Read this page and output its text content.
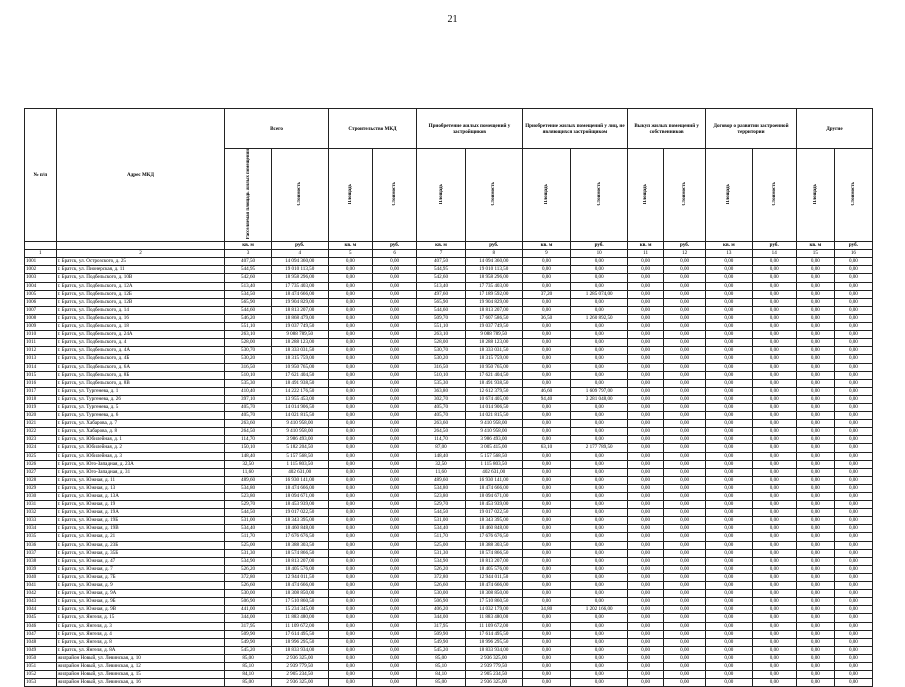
21
№ п/п	Адрес МКД	Всего		Строительство МКД		Приобретение жилых помещений у застройщиков		Приобретение жилых помещений у лиц, не являющихся застройщиком		Выкуп жилых помещений у собственников		Договор о развитии застроенной территории		Другие	
		Расселяемая площадь жилых помещений	Стоимость	Площадь	Стоимость	Площадь	Стоимость	Площадь	Стоимость	Площадь	Стоимость	Площадь	Стоимость	Площадь	Стоимость
		кв. м	руб.	кв. м	руб.	кв. м	руб.	кв. м	руб.	кв. м	руб.	кв. м	руб.	кв. м	руб.
1	2	3	4	5	6	7	8	9	10	11	12	13	14	15	16
1001	г. Братск, ул. Острозского, д. 25	407,50	14 094 360,00	0,00	0,00	407,50	14 094 360,00	0,00	0,00	0,00	0,00	0,00	0,00	0,00	0,00
1002	г. Братск, ул. Пионерская, д. 11	544,95	19 010 113,50	0,00	0,00	544,95	19 010 113,50	0,00	0,00	0,00	0,00	0,00	0,00	0,00	0,00
1003	г. Братск, ул. Подбельского, д. 10В	542,60	18 958 296,00	0,00	0,00	542,60	18 958 296,00	0,00	0,00	0,00	0,00	0,00	0,00	0,00	0,00
1004	г. Братск, ул. Подбельского, д. 12А	513,40	17 735 403,00	0,00	0,00	513,40	17 735 403,00	0,00	0,00	0,00	0,00	0,00	0,00	0,00	0,00
1005	г. Братск, ул. Подбельского, д. 12Б	534,50	18 474 666,00	0,00	0,00	497,60	17 189 592,00	37,20	1 285 074,00	0,00	0,00	0,00	0,00	0,00	0,00
1006	г. Братск, ул. Подбельского, д. 12В	565,90	19 904 829,00	0,00	0,00	565,90	19 904 829,00	0,00	0,00	0,00	0,00	0,00	0,00	0,00	0,00
1007	г. Братск, ул. Подбельского, д. 14	544,60	18 813 207,00	0,00	0,00	544,60	18 813 207,00	0,00	0,00	0,00	0,00	0,00	0,00	0,00	0,00
1008	г. Братск, ул. Подбельского, д. 16	546,20	18 868 479,00	0,00	0,00	509,70	17 607 586,50	36,50	1 260 892,50	0,00	0,00	0,00	0,00	0,00	0,00
1009	г. Братск, ул. Подбельского, д. 18	551,10	19 037 749,50	0,00	0,00	551,10	19 037 749,50	0,00	0,00	0,00	0,00	0,00	0,00	0,00	0,00
1010	г. Братск, ул. Подбельского, д. 24А	263,10	9 088 789,50	0,00	0,00	263,10	9 088 789,50	0,00	0,00	0,00	0,00	0,00	0,00	0,00	0,00
1011	г. Братск, ул. Подбельского, д. 4	528,00	18 288 123,00	0,00	0,00	528,00	18 288 123,00	0,00	0,00	0,00	0,00	0,00	0,00	0,00	0,00
1012	г. Братск, ул. Подбельского, д. 4А	530,70	18 333 031,50	0,00	0,00	530,70	18 333 031,50	0,00	0,00	0,00	0,00	0,00	0,00	0,00	0,00
1013	г. Братск, ул. Подбельского, д. 4Б	530,20	18 315 759,00	0,00	0,00	530,20	18 315 759,00	0,00	0,00	0,00	0,00	0,00	0,00	0,00	0,00
1014	г. Братск, ул. Подбельского, д. 6А	316,50	10 950 765,00	0,00	0,00	316,50	10 950 765,00	0,00	0,00	0,00	0,00	0,00	0,00	0,00	0,00
1015	г. Братск, ул. Подбельского, д. 8Б	510,10	17 621 404,50	0,00	0,00	510,10	17 621 404,50	0,00	0,00	0,00	0,00	0,00	0,00	0,00	0,00
1016	г. Братск, ул. Подбельского, д. 8В	535,30	18 491 938,50	0,00	0,00	535,30	18 491 938,50	0,00	0,00	0,00	0,00	0,00	0,00	0,00	0,00
1017	г. Братск, ул. Тургенева, д. 1	410,40	14 222 176,50	0,00	0,00	363,80	12 612 379,50	46,60	1 609 797,00	0,00	0,00	0,00	0,00	0,00	0,00
1018	г. Братск, ул. Тургенева, д. 26	397,10	13 955 453,00	0,00	0,00	302,70	10 674 405,00	94,40	3 281 048,00	0,00	0,00	0,00	0,00	0,00	0,00
1019	г. Братск, ул. Тургенева, д. 5	405,70	14 014 906,50	0,00	0,00	405,70	14 014 906,50	0,00	0,00	0,00	0,00	0,00	0,00	0,00	0,00
1020	г. Братск, ул. Тургенева, д. 6	405,70	14 021 815,50	0,00	0,00	405,70	14 021 815,50	0,00	0,00	0,00	0,00	0,00	0,00	0,00	0,00
1021	г. Братск, ул. Хабарова, д. 7	263,60	9 410 958,00	0,00	0,00	263,60	9 410 958,00	0,00	0,00	0,00	0,00	0,00	0,00	0,00	0,00
1022	г. Братск, ул. Хабарова, д. 8	264,50	9 410 958,00	0,00	0,00	264,50	9 410 958,00	0,00	0,00	0,00	0,00	0,00	0,00	0,00	0,00
1023	г. Братск, ул. Юбилейная, д. 1	114,70	3 986 493,00	0,00	0,00	114,70	3 986 493,00	0,00	0,00	0,00	0,00	0,00	0,00	0,00	0,00
1024	г. Братск, ул. Юбилейная, д. 2	150,10	5 182 204,50	0,00	0,00	87,00	3 005 415,00	63,10	2 177 789,50	0,00	0,00	0,00	0,00	0,00	0,00
1025	г. Братск, ул. Юбилейная, д. 3	148,40	5 157 568,50	0,00	0,00	148,40	5 157 568,50	0,00	0,00	0,00	0,00	0,00	0,00	0,00	0,00
1026	г. Братск, ул. Юго-Западная, д. 23А	32,50	1 115 803,50	0,00	0,00	32,50	1 115 803,50	0,00	0,00	0,00	0,00	0,00	0,00	0,00	0,00
1027	г. Братск, ул. Юго-Западная, д. 31	11,60	402 631,00	0,00	0,00	11,60	402 631,00	0,00	0,00	0,00	0,00	0,00	0,00	0,00	0,00
1028	г. Братск, ул. Южная, д. 11	489,60	16 930 141,00	0,00	0,00	489,60	16 930 141,00	0,00	0,00	0,00	0,00	0,00	0,00	0,00	0,00
1029	г. Братск, ул. Южная, д. 13	534,80	18 474 666,00	0,00	0,00	534,80	18 474 666,00	0,00	0,00	0,00	0,00	0,00	0,00	0,00	0,00
1030	г. Братск, ул. Южная, д. 13А	523,80	18 094 671,00	0,00	0,00	523,80	18 094 671,00	0,00	0,00	0,00	0,00	0,00	0,00	0,00	0,00
1031	г. Братск, ул. Южная, д. 19	529,70	18 453 939,00	0,00	0,00	529,70	18 453 939,00	0,00	0,00	0,00	0,00	0,00	0,00	0,00	0,00
1032	г. Братск, ул. Южная, д. 19А	544,50	19 017 022,50	0,00	0,00	544,50	19 017 022,50	0,00	0,00	0,00	0,00	0,00	0,00	0,00	0,00
1033	г. Братск, ул. Южная, д. 19Б	531,00	18 343 395,00	0,00	0,00	531,00	18 343 395,00	0,00	0,00	0,00	0,00	0,00	0,00	0,00	0,00
1034	г. Братск, ул. Южная, д. 19В	534,40	18 460 848,00	0,00	0,00	534,40	18 460 848,00	0,00	0,00	0,00	0,00	0,00	0,00	0,00	0,00
1035	г. Братск, ул. Южная, д. 21	511,70	17 676 676,50	0,00	0,00	511,70	17 676 676,50	0,00	0,00	0,00	0,00	0,00	0,00	0,00	0,00
1036	г. Братск, ул. Южная, д. 23Б	525,00	18 388 303,50	0,00	0,00	525,00	18 388 303,50	0,00	0,00	0,00	0,00	0,00	0,00	0,00	0,00
1037	г. Братск, ул. Южная, д. 35Б	531,30	18 574 866,50	0,00	0,00	531,30	18 574 866,50	0,00	0,00	0,00	0,00	0,00	0,00	0,00	0,00
1038	г. Братск, ул. Южная, д. 47	534,90	18 813 207,00	0,00	0,00	534,90	18 813 207,00	0,00	0,00	0,00	0,00	0,00	0,00	0,00	0,00
1039	г. Братск, ул. Южная, д. 7	526,20	18 405 576,00	0,00	0,00	526,20	18 405 576,00	0,00	0,00	0,00	0,00	0,00	0,00	0,00	0,00
1040	г. Братск, ул. Южная, д. 7Б	372,80	12 944 011,50	0,00	0,00	372,80	12 944 011,50	0,00	0,00	0,00	0,00	0,00	0,00	0,00	0,00
1041	г. Братск, ул. Южная, д. 9	526,60	18 474 666,00	0,00	0,00	526,60	18 474 666,00	0,00	0,00	0,00	0,00	0,00	0,00	0,00	0,00
1042	г. Братск, ул. Южная, д. 9А	530,00	18 308 850,00	0,00	0,00	530,00	18 308 850,00	0,00	0,00	0,00	0,00	0,00	0,00	0,00	0,00
1043	г. Братск, ул. Южная, д. 9Б	506,90	17 510 860,50	0,00	0,00	506,90	17 510 860,50	0,00	0,00	0,00	0,00	0,00	0,00	0,00	0,00
1044	г. Братск, ул. Южная, д. 9В	441,00	15 234 345,00	0,00	0,00	406,20	14 032 179,00	34,80	1 202 166,00	0,00	0,00	0,00	0,00	0,00	0,00
1045	г. Братск, ул. Янгеля, д. 15	344,00	11 883 480,00	0,00	0,00	344,00	11 883 480,00	0,00	0,00	0,00	0,00	0,00	0,00	0,00	0,00
1046	г. Братск, ул. Янгеля, д. 3	317,95	11 109 672,00	0,00	0,00	317,95	11 109 672,00	0,00	0,00	0,00	0,00	0,00	0,00	0,00	0,00
1047	г. Братск, ул. Янгеля, д. 4	509,90	17 614 495,50	0,00	0,00	509,90	17 614 495,50	0,00	0,00	0,00	0,00	0,00	0,00	0,00	0,00
1048	г. Братск, ул. Янгеля, д. 8	549,90	18 996 295,50	0,00	0,00	549,90	18 996 295,50	0,00	0,00	0,00	0,00	0,00	0,00	0,00	0,00
1049	г. Братск, ул. Янгеля, д. 8А	545,20	18 833 934,00	0,00	0,00	545,20	18 833 934,00	0,00	0,00	0,00	0,00	0,00	0,00	0,00	0,00
1050	жилрайон Новый, ул. Левинская, д. 10	85,00	2 936 325,00	0,00	0,00	85,00	2 936 325,00	0,00	0,00	0,00	0,00	0,00	0,00	0,00	0,00
1051	жилрайон Новый, ул. Левинская, д. 12	85,10	2 939 779,50	0,00	0,00	85,10	2 939 779,50	0,00	0,00	0,00	0,00	0,00	0,00	0,00	0,00
1052	жилрайон Новый, ул. Левинская, д. 15	84,10	2 905 234,50	0,00	0,00	84,10	2 905 234,50	0,00	0,00	0,00	0,00	0,00	0,00	0,00	0,00
1053	жилрайон Новый, ул. Левинская, д. 16	85,00	2 936 325,00	0,00	0,00	85,00	2 936 325,00	0,00	0,00	0,00	0,00	0,00	0,00	0,00	0,00
